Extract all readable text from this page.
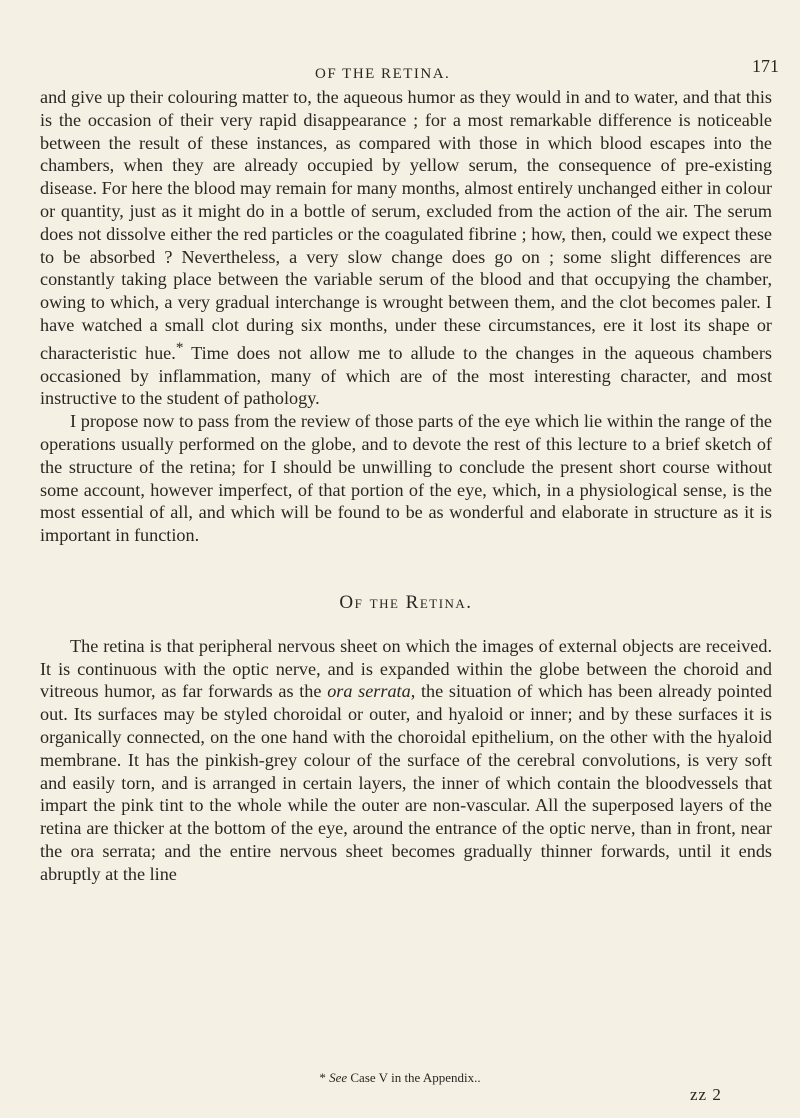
OF THE RETINA.	171

and give up their colouring matter to, the aqueous humor as they would in and to water, and that this is the occasion of their very rapid disappearance ; for a most remarkable difference is noticeable between the result of these instances, as compared with those in which blood escapes into the chambers, when they are already occupied by yellow serum, the consequence of pre-existing disease. For here the blood may remain for many months, almost entirely unchanged either in colour or quantity, just as it might do in a bottle of serum, excluded from the action of the air. The serum does not dissolve either the red particles or the coagulated fibrine ; how, then, could we expect these to be absorbed ? Nevertheless, a very slow change does go on ; some slight differences are constantly taking place between the variable serum of the blood and that occupying the chamber, owing to which, a very gradual interchange is wrought between them, and the clot becomes paler. I have watched a small clot during six months, under these circumstances, ere it lost its shape or characteristic hue.* Time does not allow me to allude to the changes in the aqueous chambers occasioned by inflammation, many of which are of the most interesting character, and most instructive to the student of pathology.

I propose now to pass from the review of those parts of the eye which lie within the range of the operations usually performed on the globe, and to devote the rest of this lecture to a brief sketch of the structure of the retina; for I should be unwilling to conclude the present short course without some account, however imperfect, of that portion of the eye, which, in a physiological sense, is the most essential of all, and which will be found to be as wonderful and elaborate in structure as it is important in function.

Of the Retina.

The retina is that peripheral nervous sheet on which the images of external objects are received. It is continuous with the optic nerve, and is expanded within the globe between the choroid and vitreous humor, as far forwards as the ora serrata, the situation of which has been already pointed out. Its surfaces may be styled choroidal or outer, and hyaloid or inner; and by these surfaces it is organically connected, on the one hand with the choroidal epithelium, on the other with the hyaloid membrane. It has the pinkish-grey colour of the surface of the cerebral convolutions, is very soft and easily torn, and is arranged in certain layers, the inner of which contain the bloodvessels that impart the pink tint to the whole while the outer are non-vascular. All the superposed layers of the retina are thicker at the bottom of the eye, around the entrance of the optic nerve, than in front, near the ora serrata; and the entire nervous sheet becomes gradually thinner forwards, until it ends abruptly at the line

* See Case V in the Appendix..
zz 2
